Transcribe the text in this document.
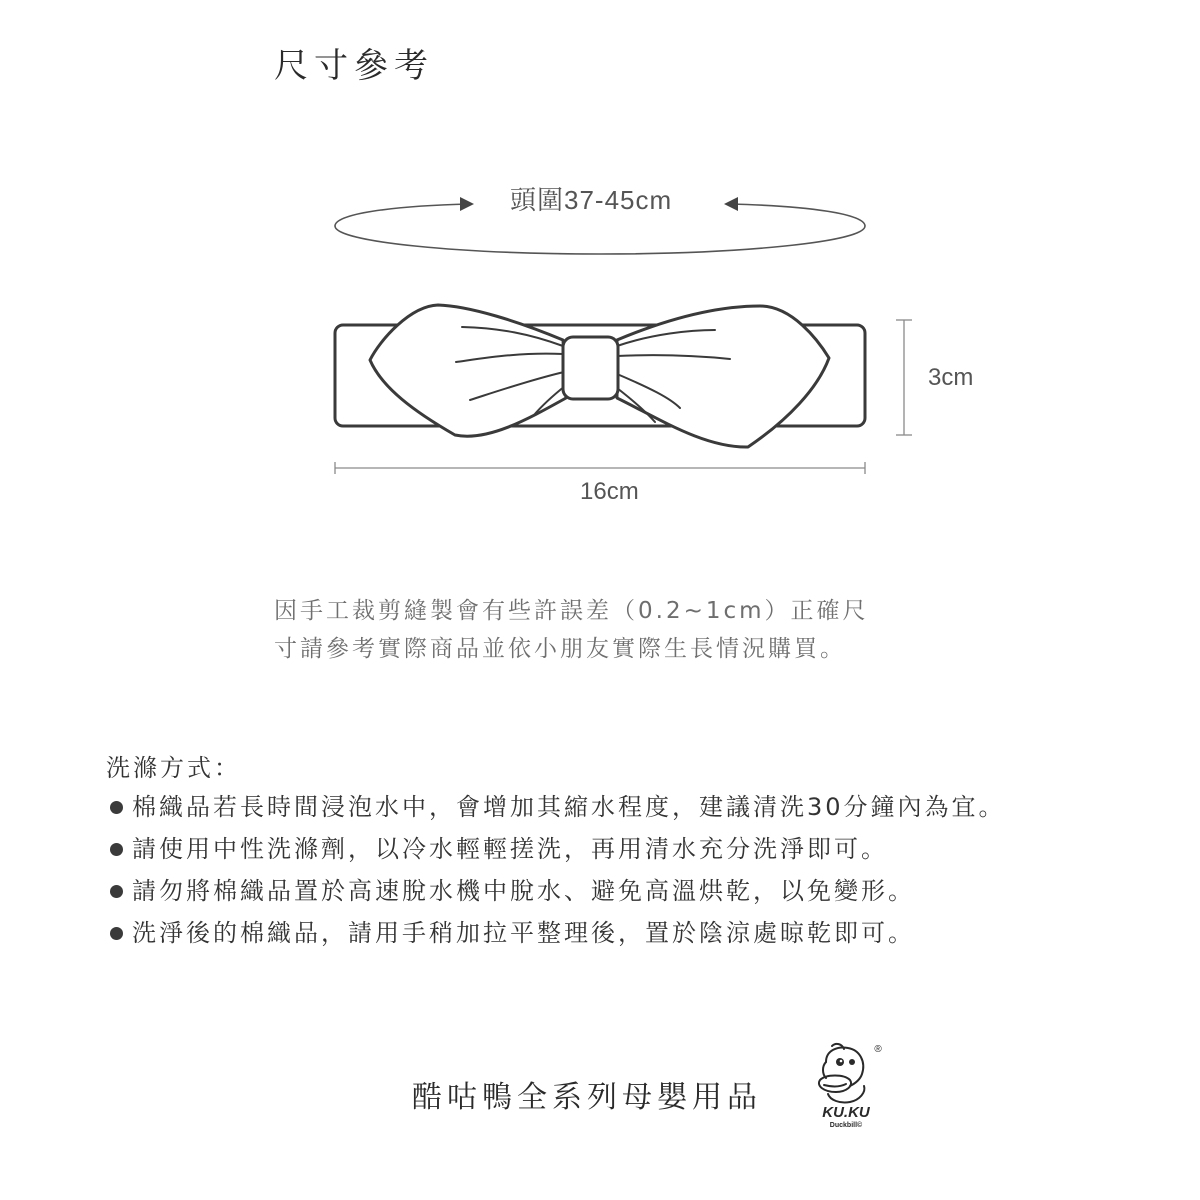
尺寸參考
頭圍37-45cm
3cm
16cm
因手工裁剪縫製會有些許誤差（0.2~1cm）正確尺
寸請參考實際商品並依小朋友實際生長情況購買。
洗滌方式：
棉織品若長時間浸泡水中，會增加其縮水程度，建議清洗30分鐘內為宜。
請使用中性洗滌劑，以冷水輕輕搓洗，再用清水充分洗淨即可。
請勿將棉織品置於高速脫水機中脫水、避免高溫烘乾，以免變形。
洗淨後的棉織品，請用手稍加拉平整理後，置於陰涼處晾乾即可。
酷咕鴨全系列母嬰用品
®
KU.KU
Duckbill©
